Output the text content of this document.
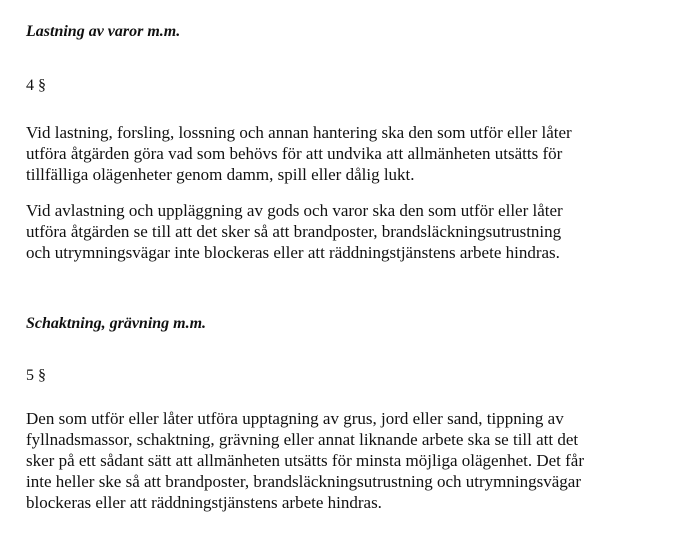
Lastning av varor m.m.

4 §

Vid lastning, forsling, lossning och annan hantering ska den som utför eller låter
utföra åtgärden göra vad som behövs för att undvika att allmänheten utsätts för
tillfälliga olägenheter genom damm, spill eller dålig lukt.

Vid avlastning och uppläggning av gods och varor ska den som utför eller låter
utföra åtgärden se till att det sker så att brandposter, brandsläckningsutrustning
och utrymningsvägar inte blockeras eller att räddningstjänstens arbete hindras.

Schaktning, grävning m.m.

5 §

Den som utför eller låter utföra upptagning av grus, jord eller sand, tippning av
fyllnadsmassor, schaktning, grävning eller annat liknande arbete ska se till att det
sker på ett sådant sätt att allmänheten utsätts för minsta möjliga olägenhet. Det får
inte heller ske så att brandposter, brandsläckningsutrustning och utrymningsvägar
blockeras eller att räddningstjänstens arbete hindras.
